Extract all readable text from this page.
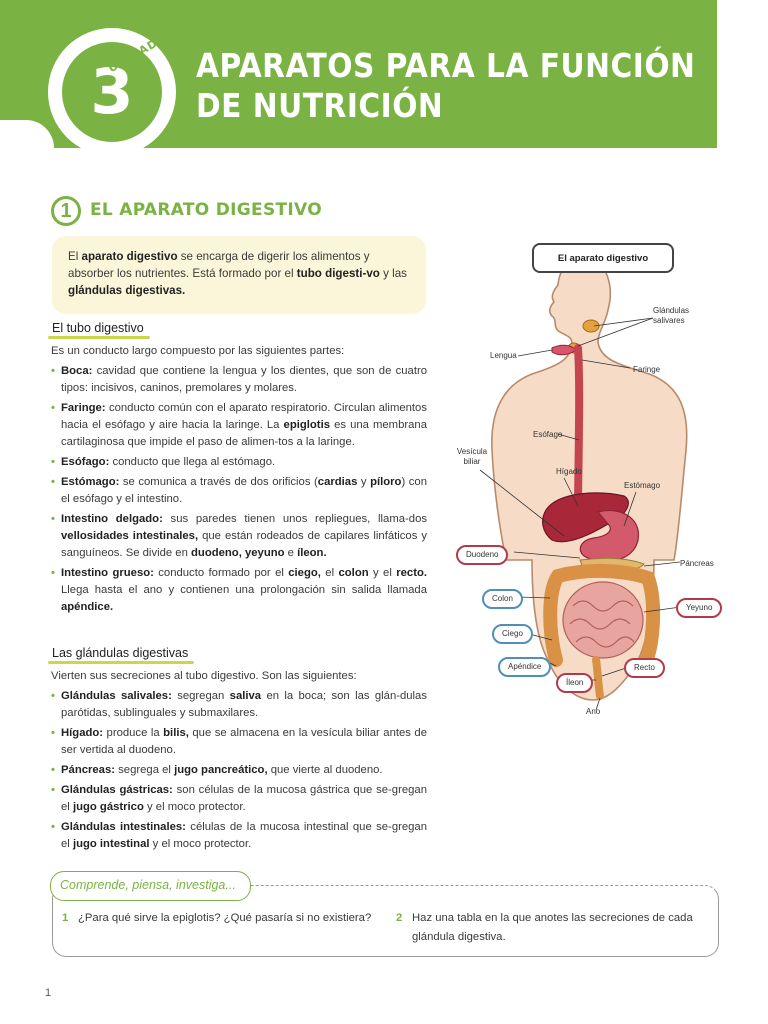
3
UNIDAD APARATOS PARA LA FUNCIÓN
DE NUTRICIÓN
1	EL APARATO DIGESTIVO
El aparato digestivo se encarga de digerir los alimentos y absorber los nutrientes. Está formado por el tubo digesti-vo y las glándulas digestivas.
El tubo digestivo
Es un conducto largo compuesto por las siguientes partes:
• Boca: cavidad que contiene la lengua y los dientes, que son de cuatro tipos: incisivos, caninos, premolares y molares.
• Faringe: conducto común con el aparato respiratorio. Circulan alimentos hacia el esófago y aire hacia la laringe. La epiglotis es una membrana cartilaginosa que impide el paso de alimen-tos a la laringe.
• Esófago: conducto que llega al estómago.
• Estómago: se comunica a través de dos orificios (cardias y píloro) con el esófago y el intestino.
• Intestino delgado: sus paredes tienen unos repliegues, llama-dos vellosidades intestinales, que están rodeados de capilares linfáticos y sanguíneos. Se divide en duodeno, yeyuno e íleon.
• Intestino grueso: conducto formado por el ciego, el colon y el recto. Llega hasta el ano y contienen una prolongación sin salida llamada apéndice.
Las glándulas digestivas
Vierten sus secreciones al tubo digestivo. Son las siguientes:
• Glándulas salivales: segregan saliva en la boca; son las glán-dulas parótidas, sublinguales y submaxilares.
• Hígado: produce la bilis, que se almacena en la vesícula biliar antes de ser vertida al duodeno.
• Páncreas: segrega el jugo pancreático, que vierte al duodeno.
• Glándulas gástricas: son células de la mucosa gástrica que se-gregan el jugo gástrico y el moco protector.
• Glándulas intestinales: células de la mucosa intestinal que se-gregan el jugo intestinal y el moco protector.
El aparato digestivo
Glándulas salivares
Lengua
Faringe
Esófago
Vesícula biliar
Hígado
Estómago
Duodeno
Páncreas
Colon
Yeyuno
Ciego
Apéndice	Recto
Íleon
Ano
Comprende, piensa, investiga...
1 ¿Para qué sirve la epiglotis? ¿Qué pasaría si no existiera?	2 Haz una tabla en la que anotes las secreciones de cada glándula digestiva.
1
